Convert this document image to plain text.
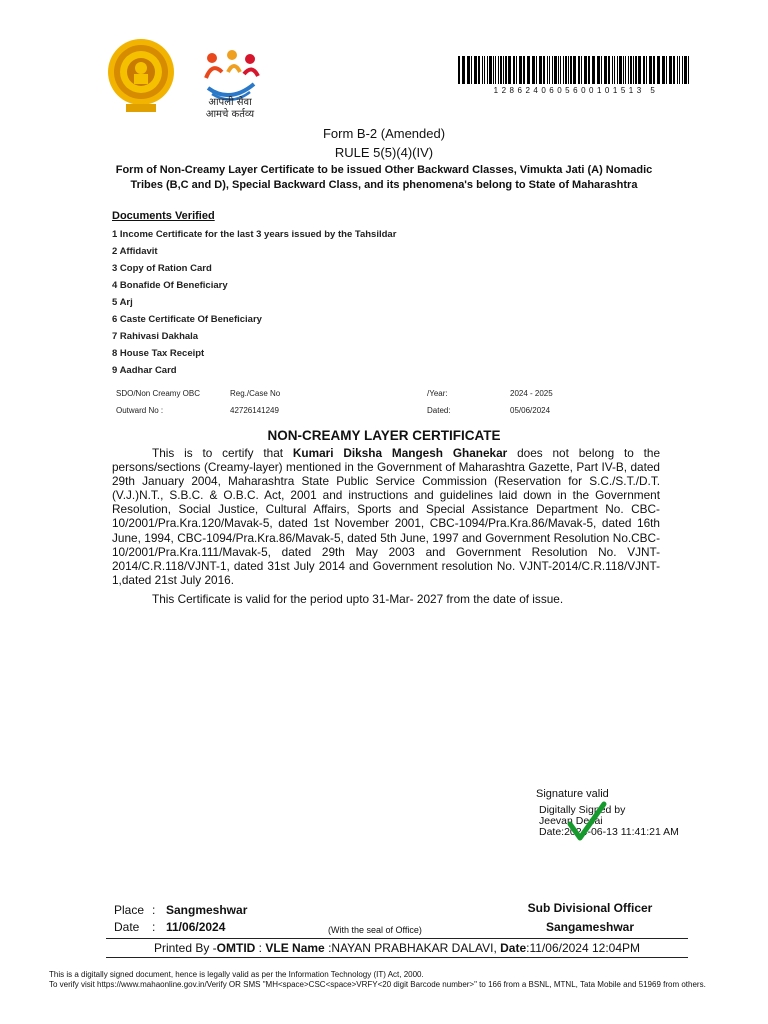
आपली सेवा
आमचे कर्तव्य
1286240605600101513 5
Form B-2 (Amended)
RULE 5(5)(4)(IV)
Form of Non-Creamy Layer Certificate to be issued Other Backward Classes, Vimukta Jati (A) Nomadic Tribes (B,C and D), Special Backward Class, and its phenomena's belong to State of Maharashtra
Documents Verified
1 Income Certificate for the last 3 years issued by the Tahsildar
2 Affidavit
3 Copy of Ration Card
4 Bonafide Of Beneficiary
5 Arj
6 Caste Certificate Of Beneficiary
7 Rahivasi Dakhala
8 House Tax Receipt
9 Aadhar Card
SDO/Non Creamy OBC	Reg./Case No	/Year:	2024 - 2025
Outward No :	42726141249	Dated:	05/06/2024
NON-CREAMY LAYER CERTIFICATE
This is to certify that Kumari Diksha Mangesh Ghanekar does not belong to the persons/sections (Creamy-layer) mentioned in the Government of Maharashtra Gazette, Part IV-B, dated 29th January 2004, Maharashtra State Public Service Commission (Reservation for S.C./S.T./D.T.(V.J.)N.T., S.B.C. & O.B.C. Act, 2001 and instructions and guidelines laid down in the Government Resolution, Social Justice, Cultural Affairs, Sports and Special Assistance Department No. CBC-10/2001/Pra.Kra.120/Mavak-5, dated 1st November 2001, CBC-1094/Pra.Kra.86/Mavak-5, dated 16th June, 1994, CBC-1094/Pra.Kra.86/Mavak-5, dated 5th June, 1997 and Government Resolution No.CBC- 10/2001/Pra.Kra.111/Mavak-5, dated 29th May 2003 and Government Resolution No. VJNT-2014/C.R.118/VJNT-1, dated 31st July 2014 and Government resolution No. VJNT-2014/C.R.118/VJNT-1,dated 21st July 2016.
This Certificate is valid for the period upto 31-Mar- 2027 from the date of issue.
Signature valid
Digitally Signed by
Jeevan Desai
Date:2024-06-13 11:41:21 AM
Place : Sangmeshwar
Date : 11/06/2024	(With the seal of Office)
Sub Divisional Officer
Sangameshwar
Printed By -OMTID : VLE Name :NAYAN PRABHAKAR DALAVI, Date:11/06/2024 12:04PM
This is a digitally signed document, hence is legally valid as per the Information Technology (IT) Act, 2000.
To verify visit https://www.mahaonline.gov.in/Verify OR SMS "MH<space>CSC<space>VRFY<20 digit Barcode number>" to 166 from a BSNL, MTNL, Tata Mobile and 51969 from others.
